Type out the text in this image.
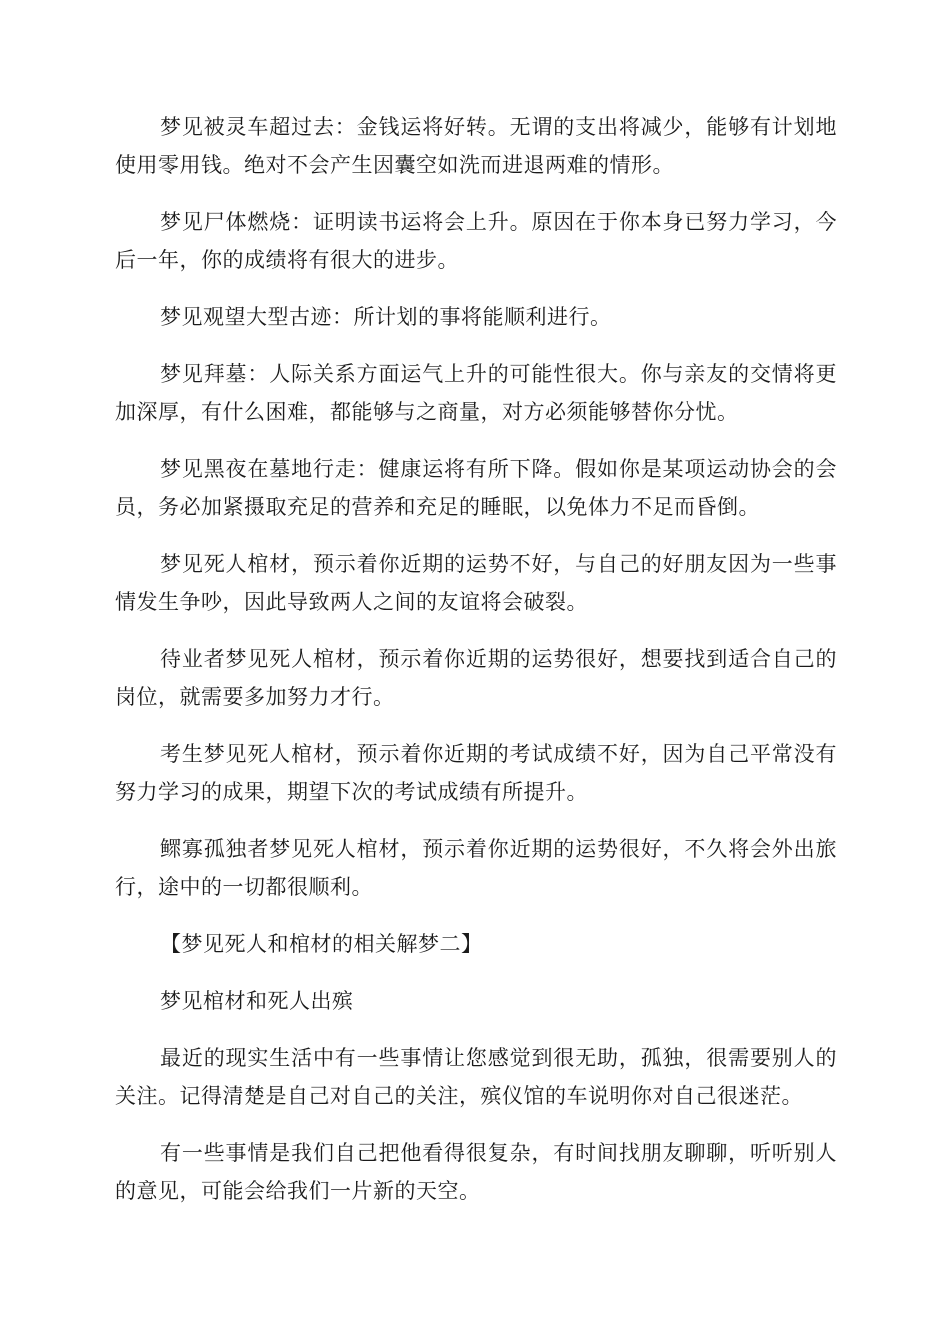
梦见被灵车超过去：金钱运将好转。无谓的支出将减少，能够有计划地使用零用钱。绝对不会产生因囊空如洗而进退两难的情形。

梦见尸体燃烧：证明读书运将会上升。原因在于你本身已努力学习，今后一年，你的成绩将有很大的进步。

梦见观望大型古迹：所计划的事将能顺利进行。

梦见拜墓：人际关系方面运气上升的可能性很大。你与亲友的交情将更加深厚，有什么困难，都能够与之商量，对方必须能够替你分忧。

梦见黑夜在墓地行走：健康运将有所下降。假如你是某项运动协会的会员，务必加紧摄取充足的营养和充足的睡眠，以免体力不足而昏倒。

梦见死人棺材，预示着你近期的运势不好，与自己的好朋友因为一些事情发生争吵，因此导致两人之间的友谊将会破裂。

待业者梦见死人棺材，预示着你近期的运势很好，想要找到适合自己的岗位，就需要多加努力才行。

考生梦见死人棺材，预示着你近期的考试成绩不好，因为自己平常没有努力学习的成果，期望下次的考试成绩有所提升。

鳏寡孤独者梦见死人棺材，预示着你近期的运势很好，不久将会外出旅行，途中的一切都很顺利。

【梦见死人和棺材的相关解梦二】

梦见棺材和死人出殡

最近的现实生活中有一些事情让您感觉到很无助，孤独，很需要别人的关注。记得清楚是自己对自己的关注，殡仪馆的车说明你对自己很迷茫。

有一些事情是我们自己把他看得很复杂，有时间找朋友聊聊，听听别人的意见，可能会给我们一片新的天空。
